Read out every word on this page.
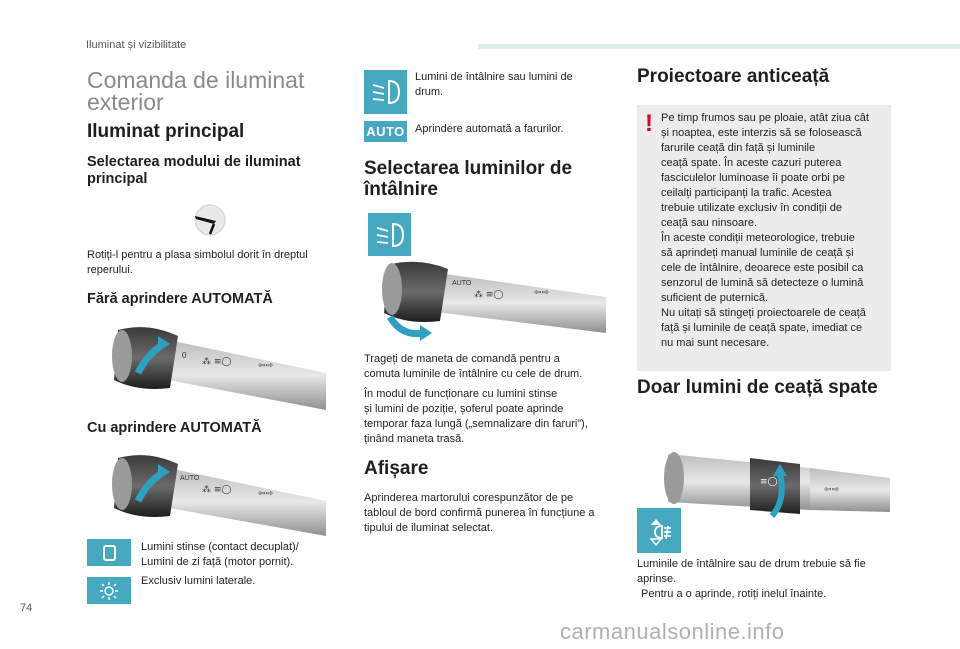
Iluminat și vizibilitate
74
carmanualsonline.info
Comanda de iluminat
exterior
Iluminat principal
Selectarea modului de iluminat
principal
Rotiți-l pentru a plasa simbolul dorit în dreptul
reperului.
Fără aprindere AUTOMATĂ
0
⁂ ≡◯	⇦⇨
Cu aprindere AUTOMATĂ
AUTO
⁂ ≡◯	⇦⇨
Lumini stinse (contact decuplat)/
Lumini de zi față (motor pornit).
Exclusiv lumini laterale.
Lumini de întâlnire sau lumini de
drum.
AUTO Aprindere automată a farurilor.
Selectarea luminilor de
întâlnire
AUTO
⁂ ≡◯	⇦⇨
Trageți de maneta de comandă pentru a
comuta luminile de întâlnire cu cele de drum.
În modul de funcționare cu lumini stinse
și lumini de poziție, șoferul poate aprinde
temporar faza lungă („semnalizare din faruri”),
ținând maneta trasă.
Afișare
Aprinderea martorului corespunzător de pe
tabloul de bord confirmă punerea în funcțiune a
tipului de iluminat selectat.
Proiectoare anticeață
! Pe timp frumos sau pe ploaie, atât ziua cât
și noaptea, este interzis să se folosească
farurile ceață din față și luminile
ceață spate. În aceste cazuri puterea
fasciculelor luminoase îi poate orbi pe
ceilalți participanți la trafic. Acestea
trebuie utilizate exclusiv în condiții de
ceață sau ninsoare.
În aceste condiții meteorologice, trebuie
să aprindeți manual luminile de ceață și
cele de întâlnire, deoarece este posibil ca
senzorul de lumină să detecteze o lumină
suficient de puternică.
Nu uitați să stingeți proiectoarele de ceață
față și luminile de ceață spate, imediat ce
nu mai sunt necesare.
Doar lumini de ceață spate
≡◯
⇦⇨
Luminile de întâlnire sau de drum trebuie să fie
aprinse.
Pentru a o aprinde, rotiți inelul înainte.
